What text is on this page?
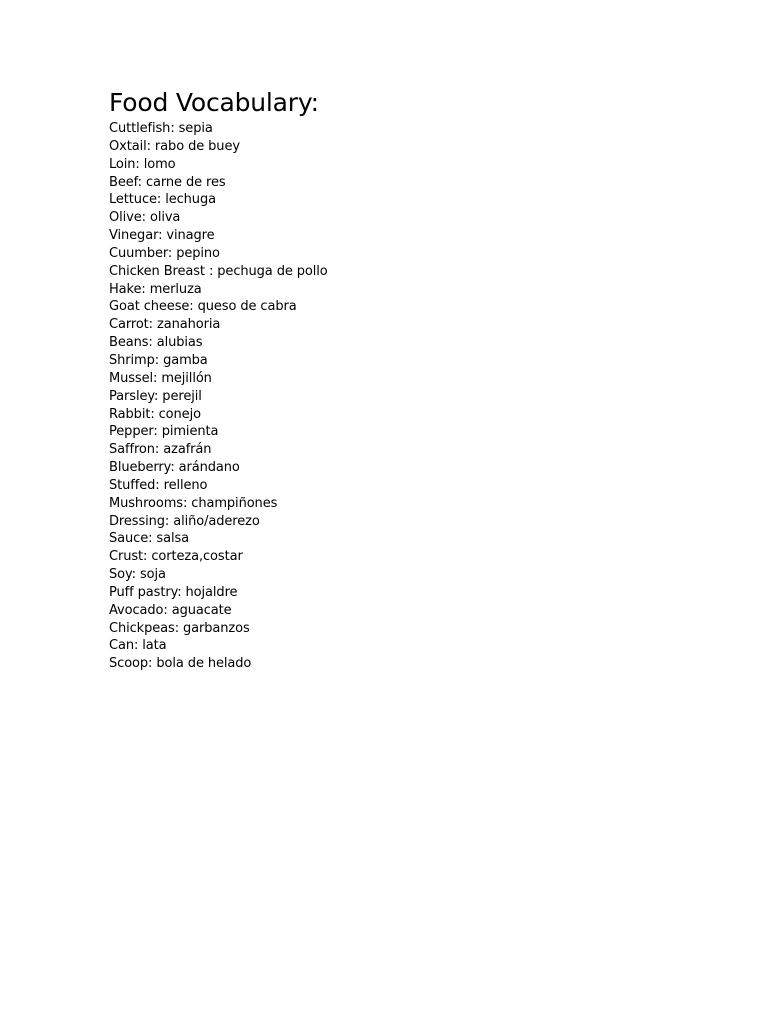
Food Vocabulary:
Cuttlefish: sepia
Oxtail: rabo de buey
Loin: lomo
Beef: carne de res
Lettuce: lechuga
Olive: oliva
Vinegar: vinagre
Cuumber: pepino
Chicken Breast : pechuga de pollo
Hake: merluza
Goat cheese: queso de cabra
Carrot: zanahoria
Beans: alubias
Shrimp: gamba
Mussel: mejillón
Parsley: perejil
Rabbit: conejo
Pepper: pimienta
Saffron: azafrán
Blueberry: arándano
Stuffed: relleno
Mushrooms: champiñones
Dressing: aliño/aderezo
Sauce: salsa
Crust: corteza,costar
Soy: soja
Puff pastry: hojaldre
Avocado: aguacate
Chickpeas: garbanzos
Can: lata
Scoop: bola de helado
